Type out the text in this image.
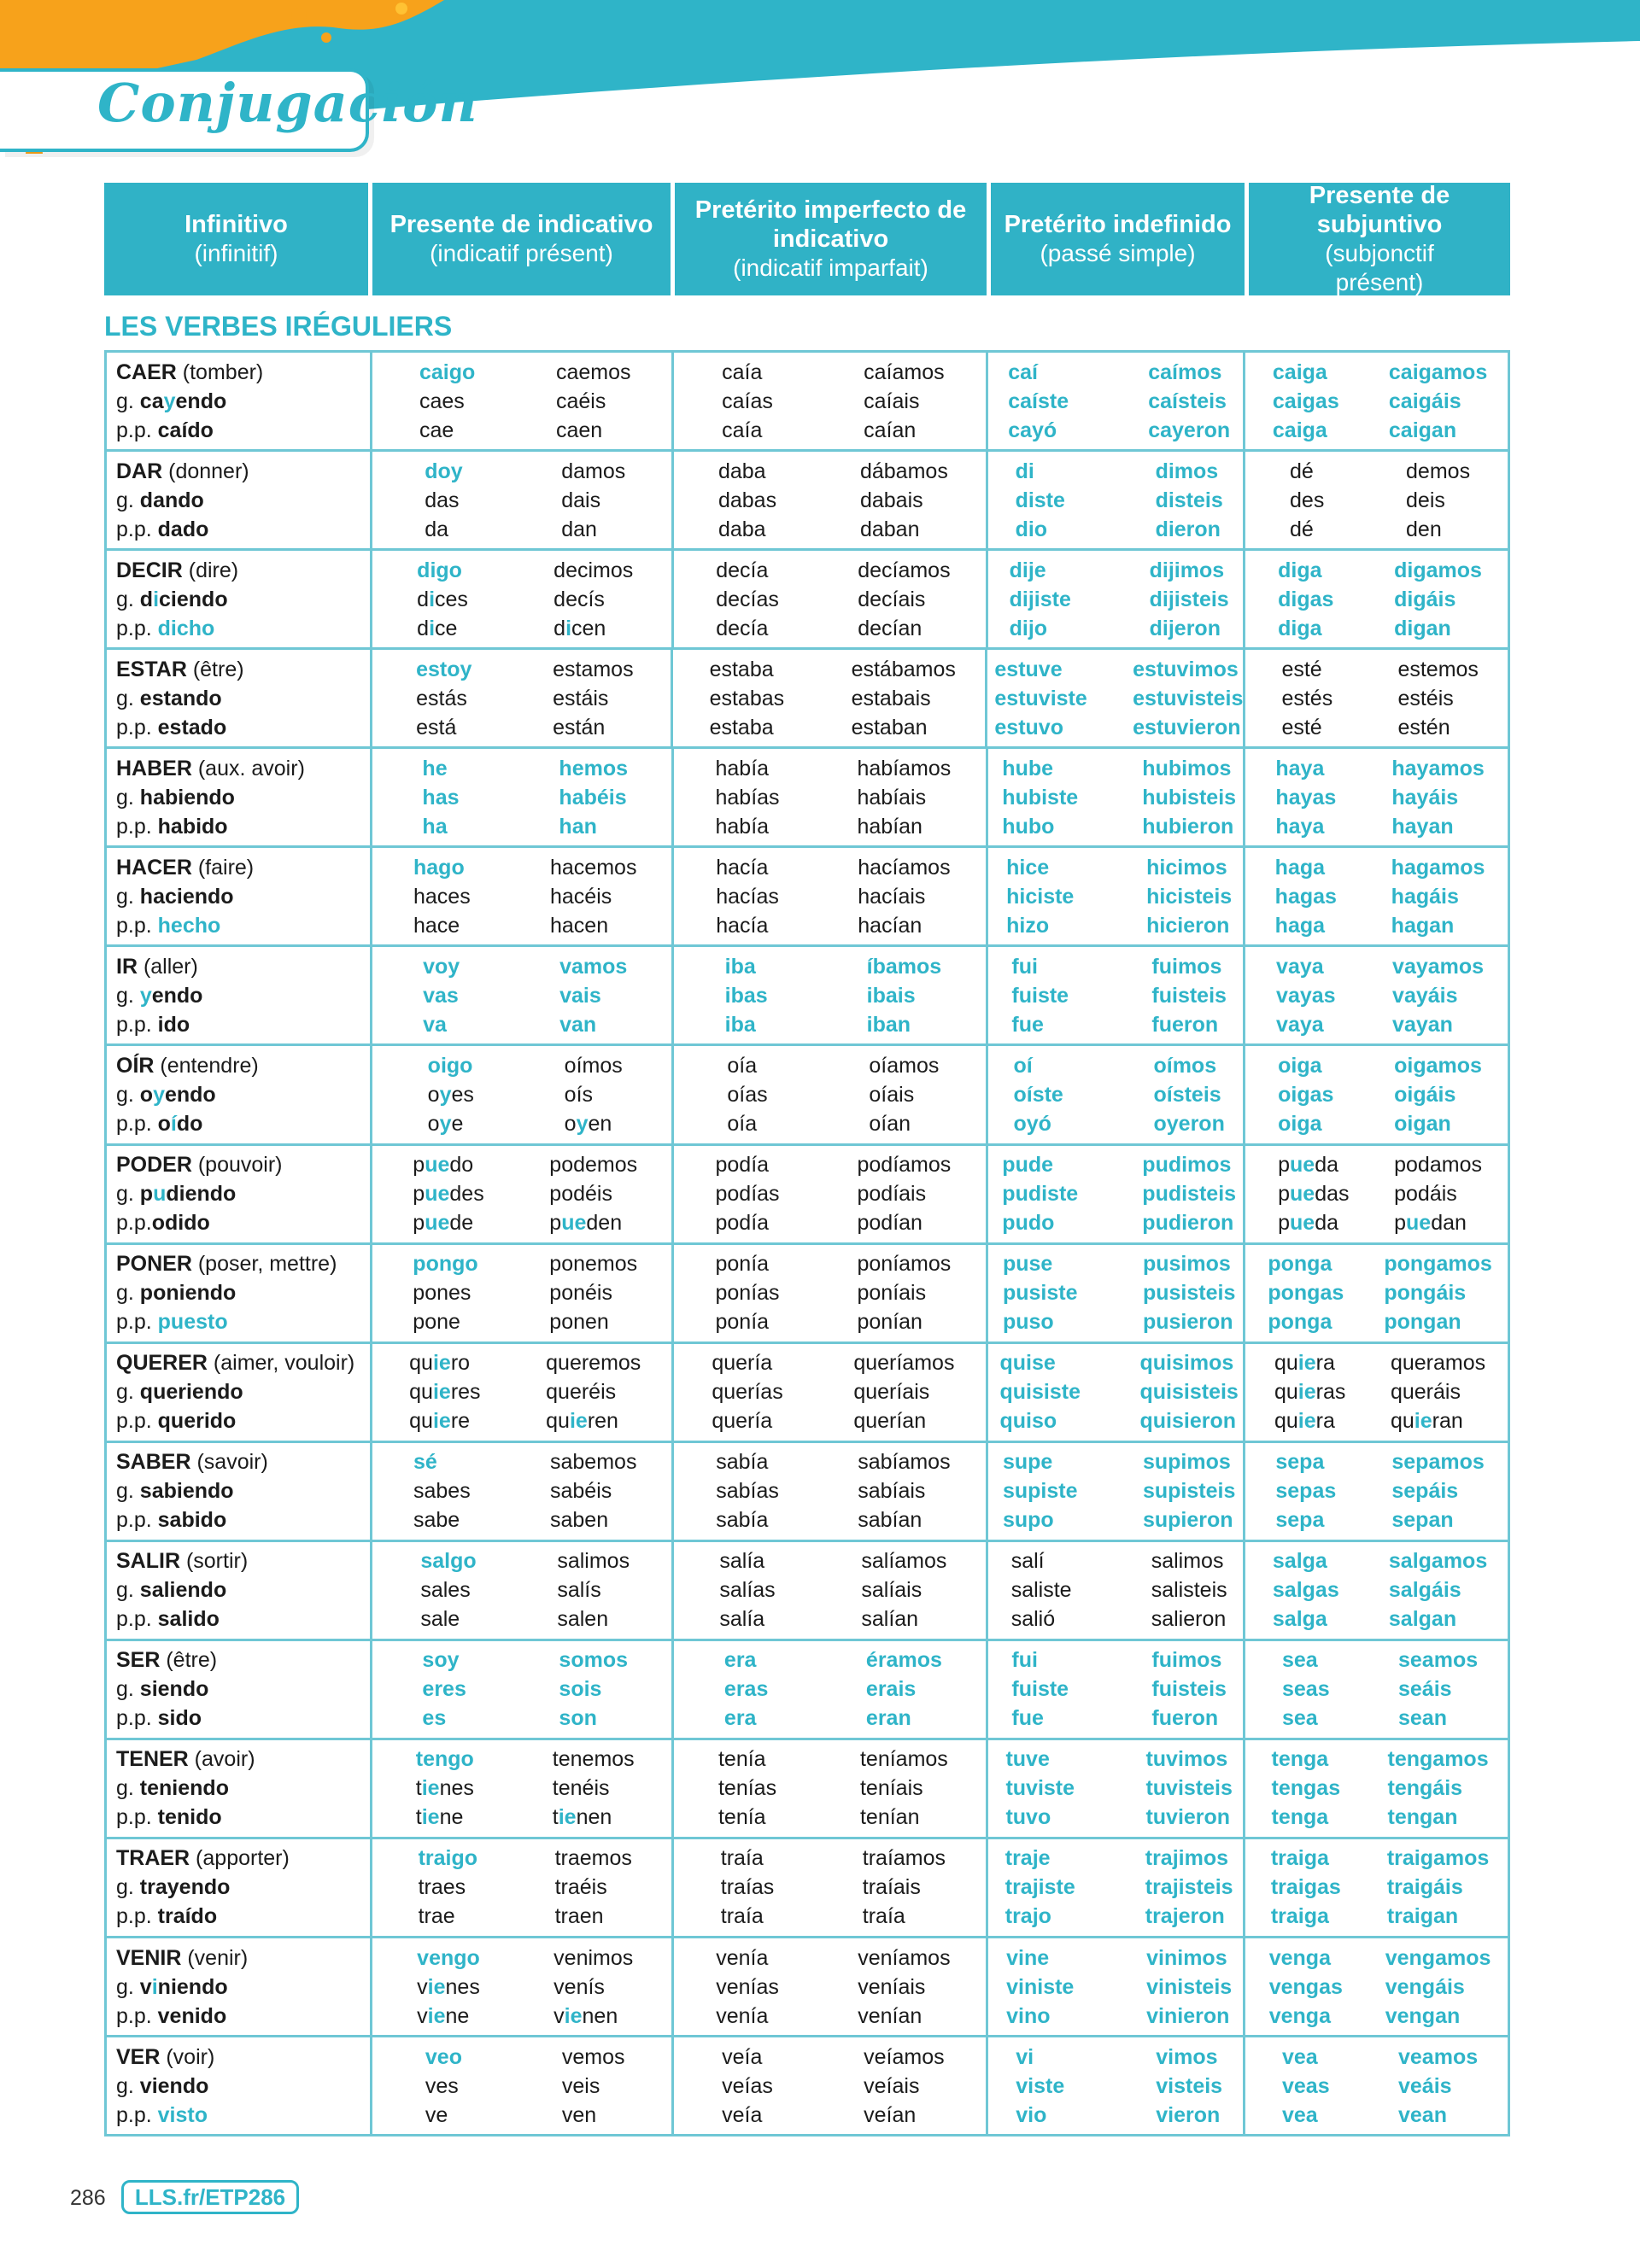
Conjugación
Infinitivo
(infinitif)
Presente de indicativo
(indicatif présent)
Pretérito imperfecto de indicativo
(indicatif imparfait)
Pretérito indefinido
(passé simple)
Presente de subjuntivo
(subjonctif présent)
LES VERBES IRÉGULIERS
CAER (tomber)
g. cayendo
p.p. caído
caigo
caes
cae
caemos
caéis
caen
caía
caías
caía
caíamos
caíais
caían
caí
caíste
cayó
caímos
caísteis
cayeron
caiga
caigas
caiga
caigamos
caigáis
caigan
DAR (donner)
g. dando
p.p. dado
doy
das
da
damos
dais
dan
daba
dabas
daba
dábamos
dabais
daban
di
diste
dio
dimos
disteis
dieron
dé
des
dé
demos
deis
den
DECIR (dire)
g. diciendo
p.p. dicho
digo
dices
dice
decimos
decís
dicen
decía
decías
decía
decíamos
decíais
decían
dije
dijiste
dijo
dijimos
dijisteis
dijeron
diga
digas
diga
digamos
digáis
digan
ESTAR (être)
g. estando
p.p. estado
estoy
estás
está
estamos
estáis
están
estaba
estabas
estaba
estábamos
estabais
estaban
estuve
estuviste
estuvo
estuvimos
estuvisteis
estuvieron
esté
estés
esté
estemos
estéis
estén
HABER (aux. avoir)
g. habiendo
p.p. habido
he
has
ha
hemos
habéis
han
había
habías
había
habíamos
habíais
habían
hube
hubiste
hubo
hubimos
hubisteis
hubieron
haya
hayas
haya
hayamos
hayáis
hayan
HACER (faire)
g. haciendo
p.p. hecho
hago
haces
hace
hacemos
hacéis
hacen
hacía
hacías
hacía
hacíamos
hacíais
hacían
hice
hiciste
hizo
hicimos
hicisteis
hicieron
haga
hagas
haga
hagamos
hagáis
hagan
IR (aller)
g. yendo
p.p. ido
voy
vas
va
vamos
vais
van
iba
ibas
iba
íbamos
ibais
iban
fui
fuiste
fue
fuimos
fuisteis
fueron
vaya
vayas
vaya
vayamos
vayáis
vayan
OÍR (entendre)
g. oyendo
p.p. oído
oigo
oyes
oye
oímos
oís
oyen
oía
oías
oía
oíamos
oíais
oían
oí
oíste
oyó
oímos
oísteis
oyeron
oiga
oigas
oiga
oigamos
oigáis
oigan
PODER (pouvoir)
g. pudiendo
p.p.odido
puedo
puedes
puede
podemos
podéis
pueden
podía
podías
podía
podíamos
podíais
podían
pude
pudiste
pudo
pudimos
pudisteis
pudieron
pueda
puedas
pueda
podamos
podáis
puedan
PONER (poser, mettre)
g. poniendo
p.p. puesto
pongo
pones
pone
ponemos
ponéis
ponen
ponía
ponías
ponía
poníamos
poníais
ponían
puse
pusiste
puso
pusimos
pusisteis
pusieron
ponga
pongas
ponga
pongamos
pongáis
pongan
QUERER (aimer, vouloir)
g. queriendo
p.p. querido
quiero
quieres
quiere
queremos
queréis
quieren
quería
querías
quería
queríamos
queríais
querían
quise
quisiste
quiso
quisimos
quisisteis
quisieron
quiera
quieras
quiera
queramos
queráis
quieran
SABER (savoir)
g. sabiendo
p.p. sabido
sé
sabes
sabe
sabemos
sabéis
saben
sabía
sabías
sabía
sabíamos
sabíais
sabían
supe
supiste
supo
supimos
supisteis
supieron
sepa
sepas
sepa
sepamos
sepáis
sepan
SALIR (sortir)
g. saliendo
p.p. salido
salgo
sales
sale
salimos
salís
salen
salía
salías
salía
salíamos
salíais
salían
salí
saliste
salió
salimos
salisteis
salieron
salga
salgas
salga
salgamos
salgáis
salgan
SER (être)
g. siendo
p.p. sido
soy
eres
es
somos
sois
son
era
eras
era
éramos
erais
eran
fui
fuiste
fue
fuimos
fuisteis
fueron
sea
seas
sea
seamos
seáis
sean
TENER (avoir)
g. teniendo
p.p. tenido
tengo
tienes
tiene
tenemos
tenéis
tienen
tenía
tenías
tenía
teníamos
teníais
tenían
tuve
tuviste
tuvo
tuvimos
tuvisteis
tuvieron
tenga
tengas
tenga
tengamos
tengáis
tengan
TRAER (apporter)
g. trayendo
p.p. traído
traigo
traes
trae
traemos
traéis
traen
traía
traías
traía
traíamos
traíais
traía
traje
trajiste
trajo
trajimos
trajisteis
trajeron
traiga
traigas
traiga
traigamos
traigáis
traigan
VENIR (venir)
g. viniendo
p.p. venido
vengo
vienes
viene
venimos
venís
vienen
venía
venías
venía
veníamos
veníais
venían
vine
viniste
vino
vinimos
vinisteis
vinieron
venga
vengas
venga
vengamos
vengáis
vengan
VER (voir)
g. viendo
p.p. visto
veo
ves
ve
vemos
veis
ven
veía
veías
veía
veíamos
veíais
veían
vi
viste
vio
vimos
visteis
vieron
vea
veas
vea
veamos
veáis
vean
286	LLS.fr/ETP286
